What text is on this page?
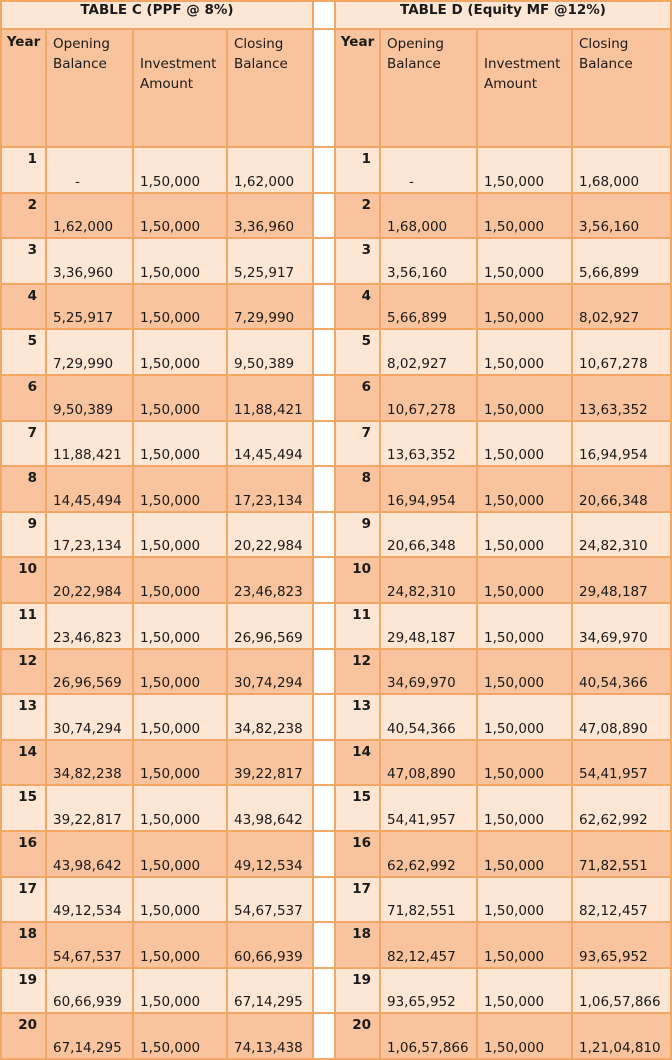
TABLE C (PPF @ 8%)					TABLE D (Equity MF @12%)			
Year	Opening Balance	Investment Amount	Closing Balance		Year	Opening Balance	Investment Amount	Closing Balance
1	-	1,50,000	1,62,000		1	-	1,50,000	1,68,000
2	1,62,000	1,50,000	3,36,960		2	1,68,000	1,50,000	3,56,160
3	3,36,960	1,50,000	5,25,917		3	3,56,160	1,50,000	5,66,899
4	5,25,917	1,50,000	7,29,990		4	5,66,899	1,50,000	8,02,927
5	7,29,990	1,50,000	9,50,389		5	8,02,927	1,50,000	10,67,278
6	9,50,389	1,50,000	11,88,421		6	10,67,278	1,50,000	13,63,352
7	11,88,421	1,50,000	14,45,494		7	13,63,352	1,50,000	16,94,954
8	14,45,494	1,50,000	17,23,134		8	16,94,954	1,50,000	20,66,348
9	17,23,134	1,50,000	20,22,984		9	20,66,348	1,50,000	24,82,310
10	20,22,984	1,50,000	23,46,823		10	24,82,310	1,50,000	29,48,187
11	23,46,823	1,50,000	26,96,569		11	29,48,187	1,50,000	34,69,970
12	26,96,569	1,50,000	30,74,294		12	34,69,970	1,50,000	40,54,366
13	30,74,294	1,50,000	34,82,238		13	40,54,366	1,50,000	47,08,890
14	34,82,238	1,50,000	39,22,817		14	47,08,890	1,50,000	54,41,957
15	39,22,817	1,50,000	43,98,642		15	54,41,957	1,50,000	62,62,992
16	43,98,642	1,50,000	49,12,534		16	62,62,992	1,50,000	71,82,551
17	49,12,534	1,50,000	54,67,537		17	71,82,551	1,50,000	82,12,457
18	54,67,537	1,50,000	60,66,939		18	82,12,457	1,50,000	93,65,952
19	60,66,939	1,50,000	67,14,295		19	93,65,952	1,50,000	1,06,57,866
20	67,14,295	1,50,000	74,13,438		20	1,06,57,866	1,50,000	1,21,04,810
